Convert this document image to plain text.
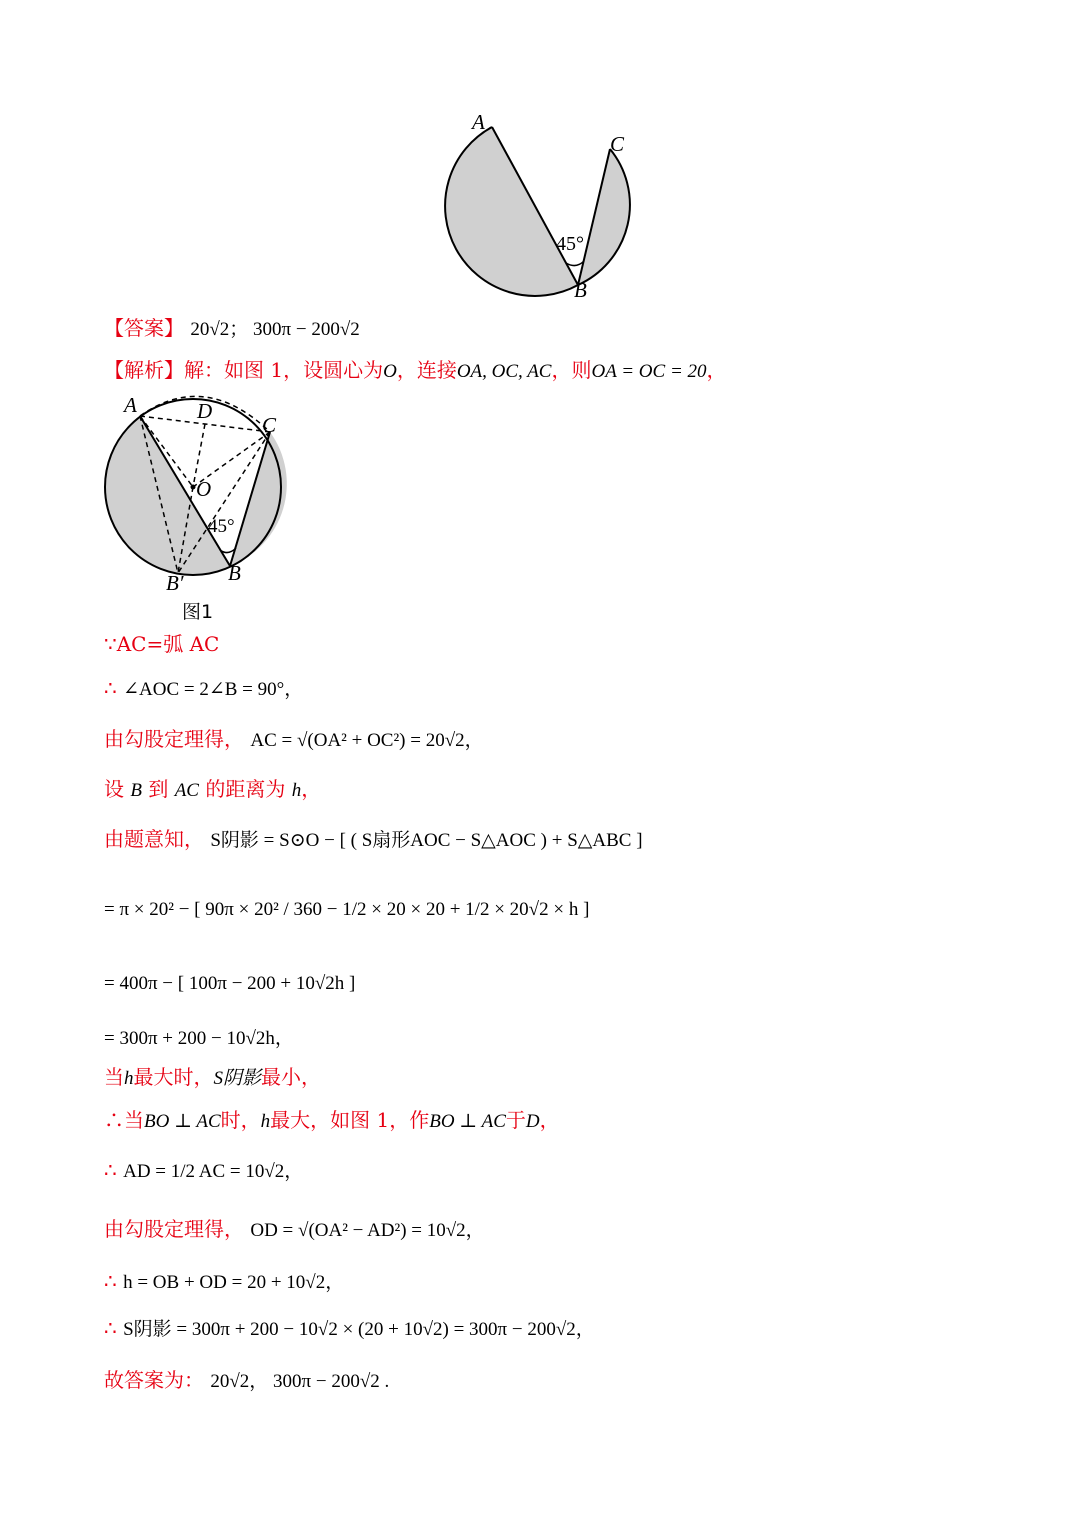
A
C
B
45°
【答案】 20√2； 300π − 200√2
【解析】解：如图 1，设圆心为O，连接OA, OC, AC，则OA = OC = 20，
A	D
C
O
45°
B′ B
图1
∵AC=弧 AC
∴ ∠AOC = 2∠B = 90°，
由勾股定理得， AC = √(OA² + OC²) = 20√2，
设 B 到 AC 的距离为 h，
由题意知， S阴影 = S⊙O − [ ( S扇形AOC − S△AOC ) + S△ABC ]
= π × 20² − [ 90π × 20² / 360 − 1/2 × 20 × 20 + 1/2 × 20√2 × h ]
= 400π − [ 100π − 200 + 10√2h ]
= 300π + 200 − 10√2h，
当h最大时，S阴影最小，
∴当BO ⊥ AC时，h最大，如图 1，作BO ⊥ AC于D，
∴ AD = 1/2 AC = 10√2，
由勾股定理得， OD = √(OA² − AD²) = 10√2，
∴ h = OB + OD = 20 + 10√2，
∴ S阴影 = 300π + 200 − 10√2 × (20 + 10√2) = 300π − 200√2，
故答案为： 20√2， 300π − 200√2 .
